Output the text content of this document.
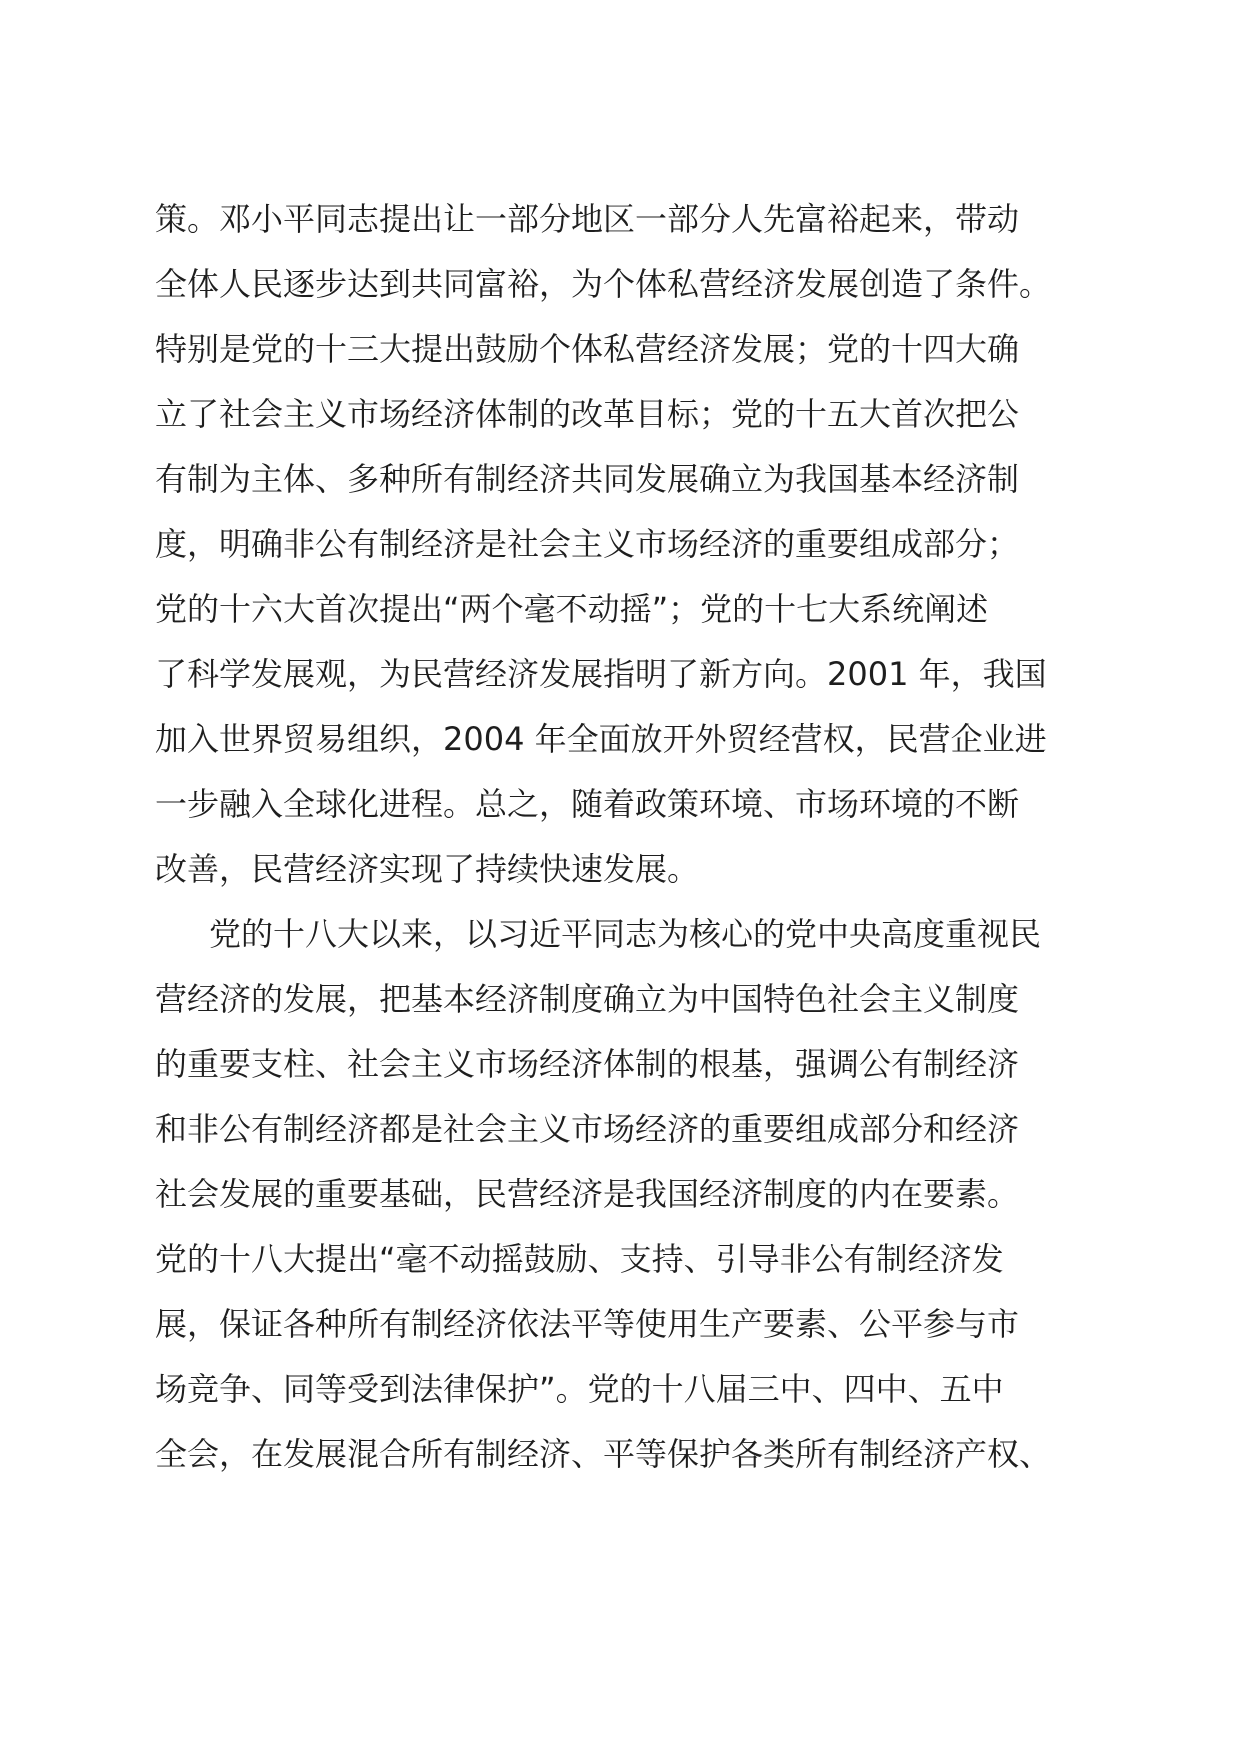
策。邓小平同志提出让一部分地区一部分人先富裕起来，带动
全体人民逐步达到共同富裕，为个体私营经济发展创造了条件。
特别是党的十三大提出鼓励个体私营经济发展；党的十四大确
立了社会主义市场经济体制的改革目标；党的十五大首次把公
有制为主体、多种所有制经济共同发展确立为我国基本经济制
度，明确非公有制经济是社会主义市场经济的重要组成部分；
党的十六大首次提出“两个毫不动摇”；党的十七大系统阐述
了科学发展观，为民营经济发展指明了新方向。2001 年，我国
加入世界贸易组织，2004 年全面放开外贸经营权，民营企业进
一步融入全球化进程。总之，随着政策环境、市场环境的不断
改善，民营经济实现了持续快速发展。
党的十八大以来，以习近平同志为核心的党中央高度重视民
营经济的发展，把基本经济制度确立为中国特色社会主义制度
的重要支柱、社会主义市场经济体制的根基，强调公有制经济
和非公有制经济都是社会主义市场经济的重要组成部分和经济
社会发展的重要基础，民营经济是我国经济制度的内在要素。
党的十八大提出“毫不动摇鼓励、支持、引导非公有制经济发
展，保证各种所有制经济依法平等使用生产要素、公平参与市
场竞争、同等受到法律保护”。党的十八届三中、四中、五中
全会，在发展混合所有制经济、平等保护各类所有制经济产权、
